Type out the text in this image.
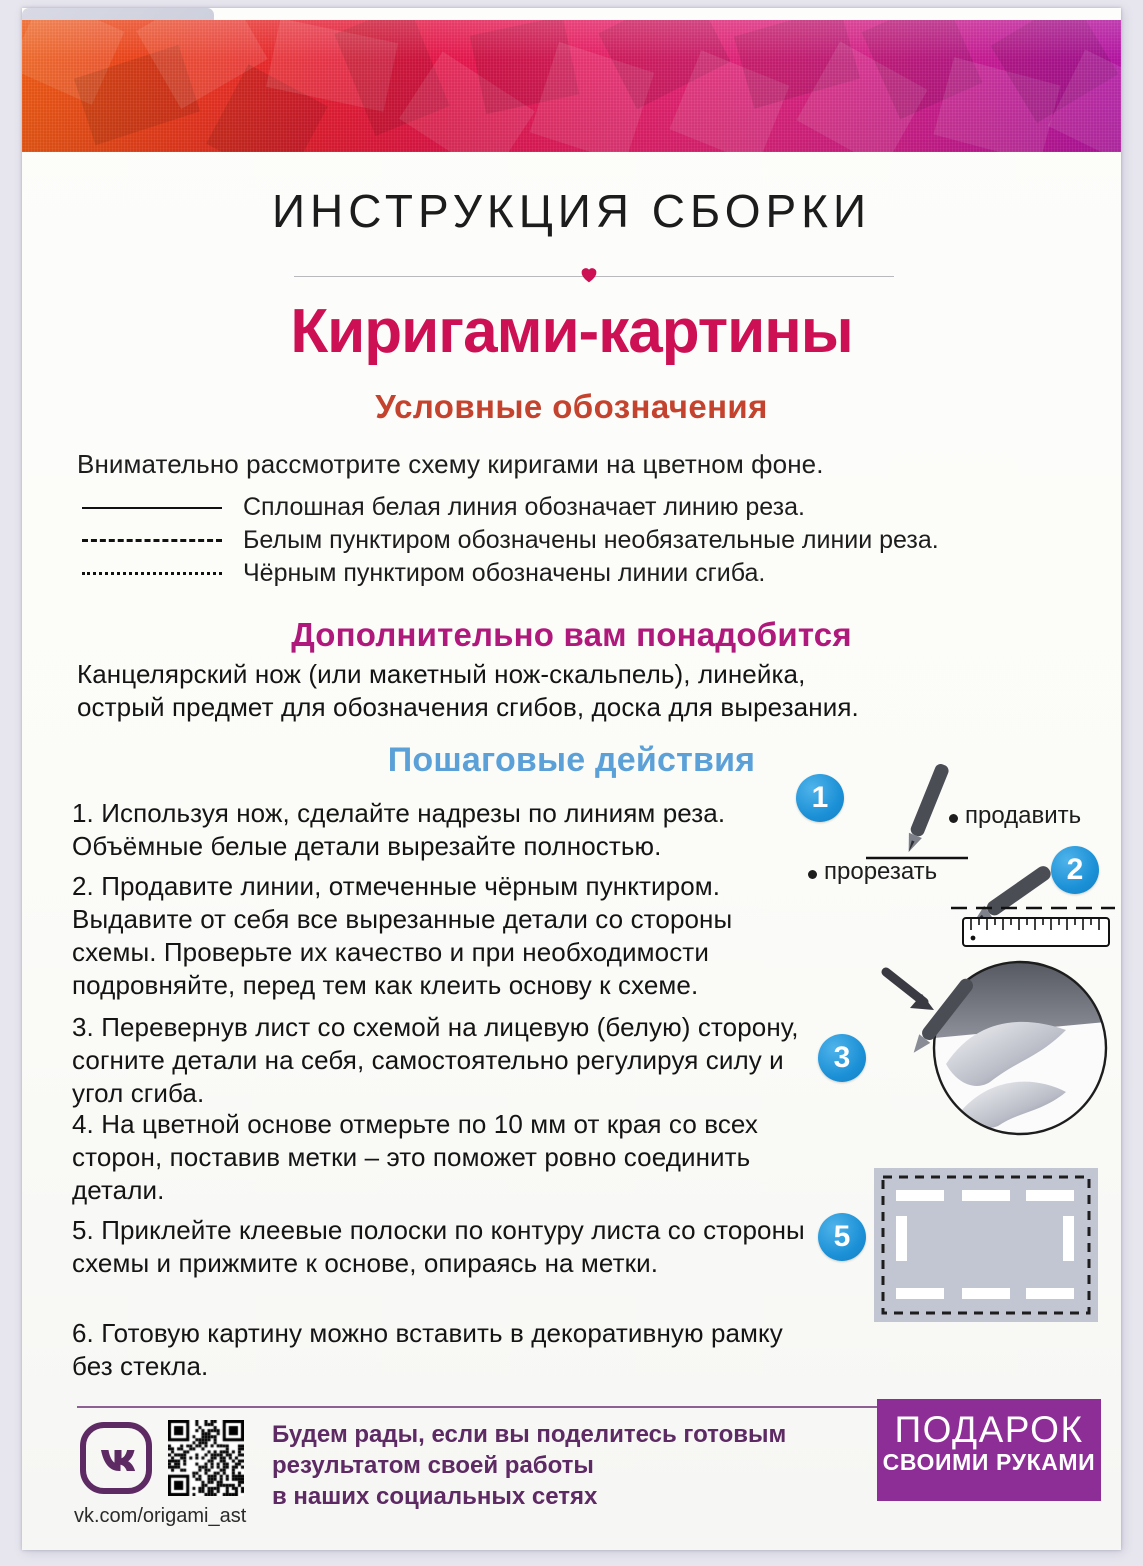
ИНСТРУКЦИЯ СБОРКИ
Киригами-картины
Условные обозначения
Внимательно рассмотрите схему киригами на цветном фоне.
Сплошная белая линия обозначает линию реза.
Белым пунктиром обозначены необязательные линии реза.
Чёрным пунктиром обозначены линии сгиба.
Дополнительно вам понадобится
Канцелярский нож (или макетный нож-скальпель), линейка,
острый предмет для обозначения сгибов, доска для вырезания.
Пошаговые действия
1. Используя нож, сделайте надрезы по линиям реза. Объёмные белые детали вырезайте полностью.
2. Продавите линии, отмеченные чёрным пунктиром. Выдавите от себя все вырезанные детали со стороны схемы. Проверьте их качество и при необходимости подровняйте, перед тем как клеить основу к схеме.
3. Перевернув лист со схемой на лицевую (белую) сторону, согните детали на себя, самостоятельно регулируя силу и угол сгиба.
4. На цветной основе отмерьте по 10 мм от края со всех сторон, поставив метки – это поможет ровно соединить детали.
5. Приклейте клеевые полоски по контуру листа со стороны схемы и прижмите к основе, опираясь на метки.
6. Готовую картину можно вставить в декоративную рамку без стекла.
1
прорезать
продавить
2
3
5
vk.com/origami_ast
Будем рады, если вы поделитесь готовым
результатом своей работы
в наших социальных сетях
ПОДАРОК
СВОИМИ РУКАМИ
